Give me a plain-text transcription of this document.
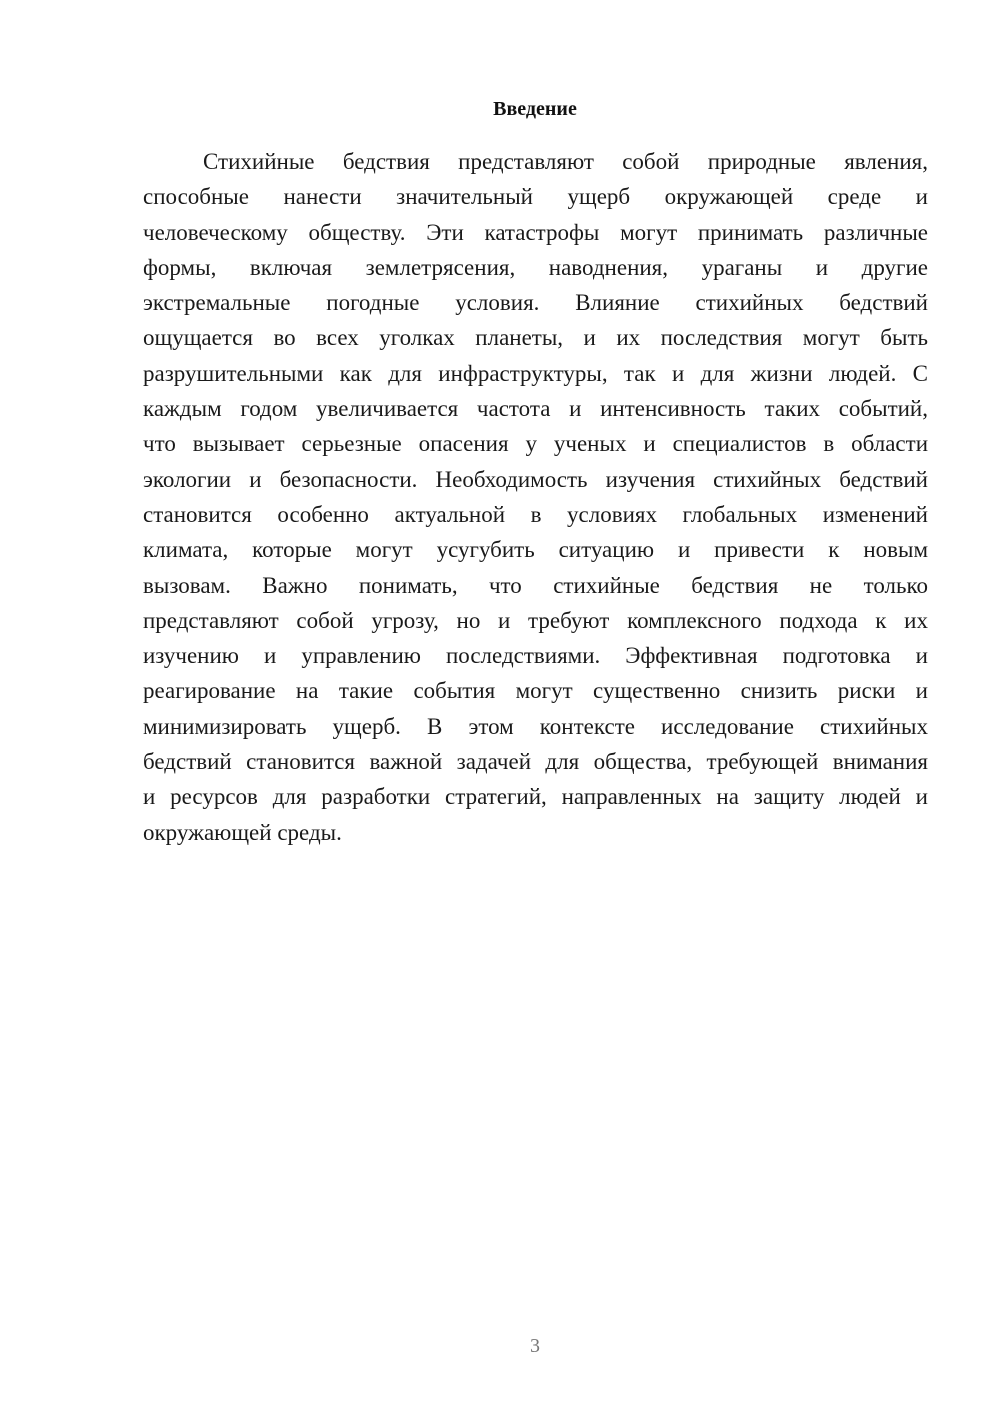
Введение
Стихийные бедствия представляют собой природные явления,
способные нанести значительный ущерб окружающей среде и
человеческому обществу. Эти катастрофы могут принимать различные
формы, включая землетрясения, наводнения, ураганы и другие
экстремальные погодные условия. Влияние стихийных бедствий
ощущается во всех уголках планеты, и их последствия могут быть
разрушительными как для инфраструктуры, так и для жизни людей. С
каждым годом увеличивается частота и интенсивность таких событий,
что вызывает серьезные опасения у ученых и специалистов в области
экологии и безопасности. Необходимость изучения стихийных бедствий
становится особенно актуальной в условиях глобальных изменений
климата, которые могут усугубить ситуацию и привести к новым
вызовам. Важно понимать, что стихийные бедствия не только
представляют собой угрозу, но и требуют комплексного подхода к их
изучению и управлению последствиями. Эффективная подготовка и
реагирование на такие события могут существенно снизить риски и
минимизировать ущерб. В этом контексте исследование стихийных
бедствий становится важной задачей для общества, требующей внимания
и ресурсов для разработки стратегий, направленных на защиту людей и
окружающей среды.
3
